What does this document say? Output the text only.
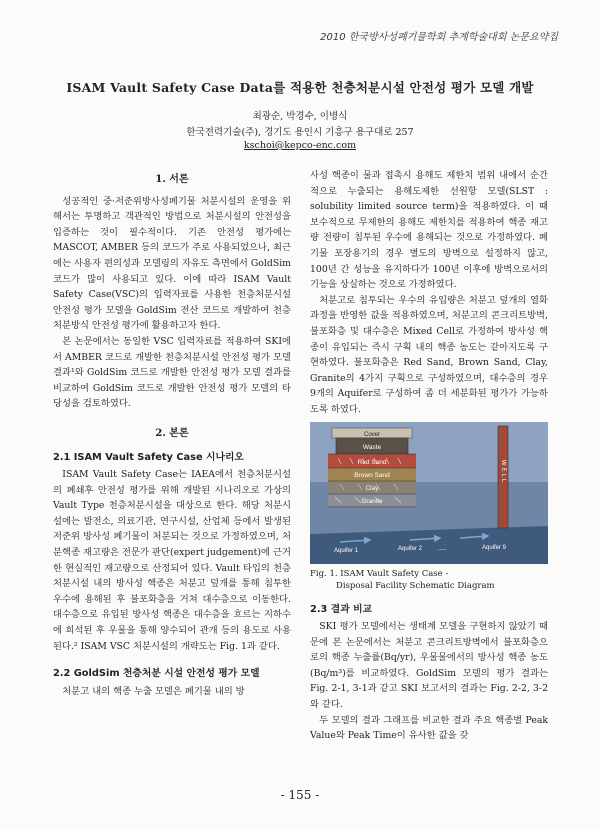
2010 한국방사성폐기물학회 추계학술대회 논문요약집
ISAM Vault Safety Case Data를 적용한 천층처분시설 안전성 평가 모델 개발
최광순, 박경수, 이병식
한국전력기술(주), 경기도 용인시 기흥구 용구대로 257
kschoi@kepco-enc.com
1. 서론

성공적인 중·저준위방사성폐기물 처분시설의 운영을 위해서는 투명하고 객관적인 방법으로 처분시설의 안전성을 입증하는 것이 필수적이다. 기존 안전성 평가에는 MASCOT, AMBER 등의 코드가 주로 사용되었으나, 최근에는 사용자 편의성과 모델링의 자유도 측면에서 GoldSim 코드가 많이 사용되고 있다. 이에 따라 ISAM Vault Safety Case(VSC)의 입력자료를 사용한 천층처분시설 안전성 평가 모델을 GoldSim 전산 코드로 개발하여 천층처분방식 안전성 평가에 활용하고자 한다.

본 논문에서는 동일한 VSC 입력자료를 적용하여 SKI에서 AMBER 코드로 개발한 천층처분시설 안전성 평가 모델 결과¹와 GoldSim 코드로 개발한 안전성 평가 모델 결과를 비교하여 GoldSim 코드로 개발한 안전성 평가 모델의 타당성을 검토하였다.

2. 본론
2.1 ISAM Vault Safety Case 시나리오

ISAM Vault Safety Case는 IAEA에서 천층처분시설의 폐쇄후 안전성 평가를 위해 개발된 시나리오로 가상의 Vault Type 천층처분시설을 대상으로 한다. 해당 처분시설에는 발전소, 의료기관, 연구시설, 산업체 등에서 발생된 저준위 방사성 폐기물이 처분되는 것으로 가정하였으며, 처분핵종 재고량은 전문가 판단(expert judgement)에 근거한 현실적인 재고량으로 산정되어 있다. Vault 타입의 천층처분시설 내의 방사성 핵종은 처분고 덮개를 통해 침투한 우수에 용해된 후 불포화층을 거쳐 대수층으로 이동한다. 대수층으로 유입된 방사성 핵종은 대수층을 흐르는 지하수에 희석된 후 우물을 통해 양수되어 관개 등의 용도로 사용된다.² ISAM VSC 처분시설의 개략도는 Fig. 1과 같다.

2.2 GoldSim 천층처분 시설 안전성 평가 모델

처분고 내의 핵종 누출 모델은 폐기물 내의 방

사성 핵종이 물과 접촉시 용해도 제한치 범위 내에서 순간적으로 누출되는 용해도제한 선원항 모델(SLST : solubility limited source term)을 적용하였다. 이 때 보수적으로 무제한의 용해도 제한치를 적용하여 핵종 재고량 전량이 침투된 우수에 용해되는 것으로 가정하였다. 폐기물 포장용기의 경우 별도의 방벽으로 설정하지 않고, 100년 간 성능을 유지하다가 100년 이후에 방벽으로서의 기능을 상실하는 것으로 가정하였다.

처분고로 침투되는 우수의 유입량은 처분고 덮개의 열화과정을 반영한 값을 적용하였으며, 처분고의 콘크리트방벽, 불포화층 및 대수층은 Mixed Cell로 가정하여 방사성 핵종이 유입되는 즉시 구획 내의 핵종 농도는 같아지도록 구현하였다. 불포화층은 Red Sand, Brown Sand, Clay, Granite의 4가지 구획으로 구성하였으며, 대수층의 경우 9개의 Aquifer로 구성하여 좀 더 세분화된 평가가 가능하도록 하였다.

Cover
Waste
Red Sand
Brown Sand
Clay
Granite
WELL
Aquifer 1	Aquifer 2	.....	Aquifer 9
Fig. 1. ISAM Vault Safety Case -
Disposal Facility Schematic Diagram
2.3 결과 비교

SKI 평가 모델에서는 생태계 모델을 구현하지 않았기 때문에 본 논문에서는 처분고 콘크리트방벽에서 불포화층으로의 핵종 누출률(Bq/yr), 우물물에서의 방사성 핵종 농도(Bq/m³)를 비교하였다. GoldSim 모델의 평가 결과는 Fig. 2-1, 3-1과 같고 SKI 보고서의 결과는 Fig. 2-2, 3-2와 같다.

두 모델의 결과 그래프를 비교한 결과 주요 핵종별 Peak Value와 Peak Time이 유사한 값을 갖

- 155 -
